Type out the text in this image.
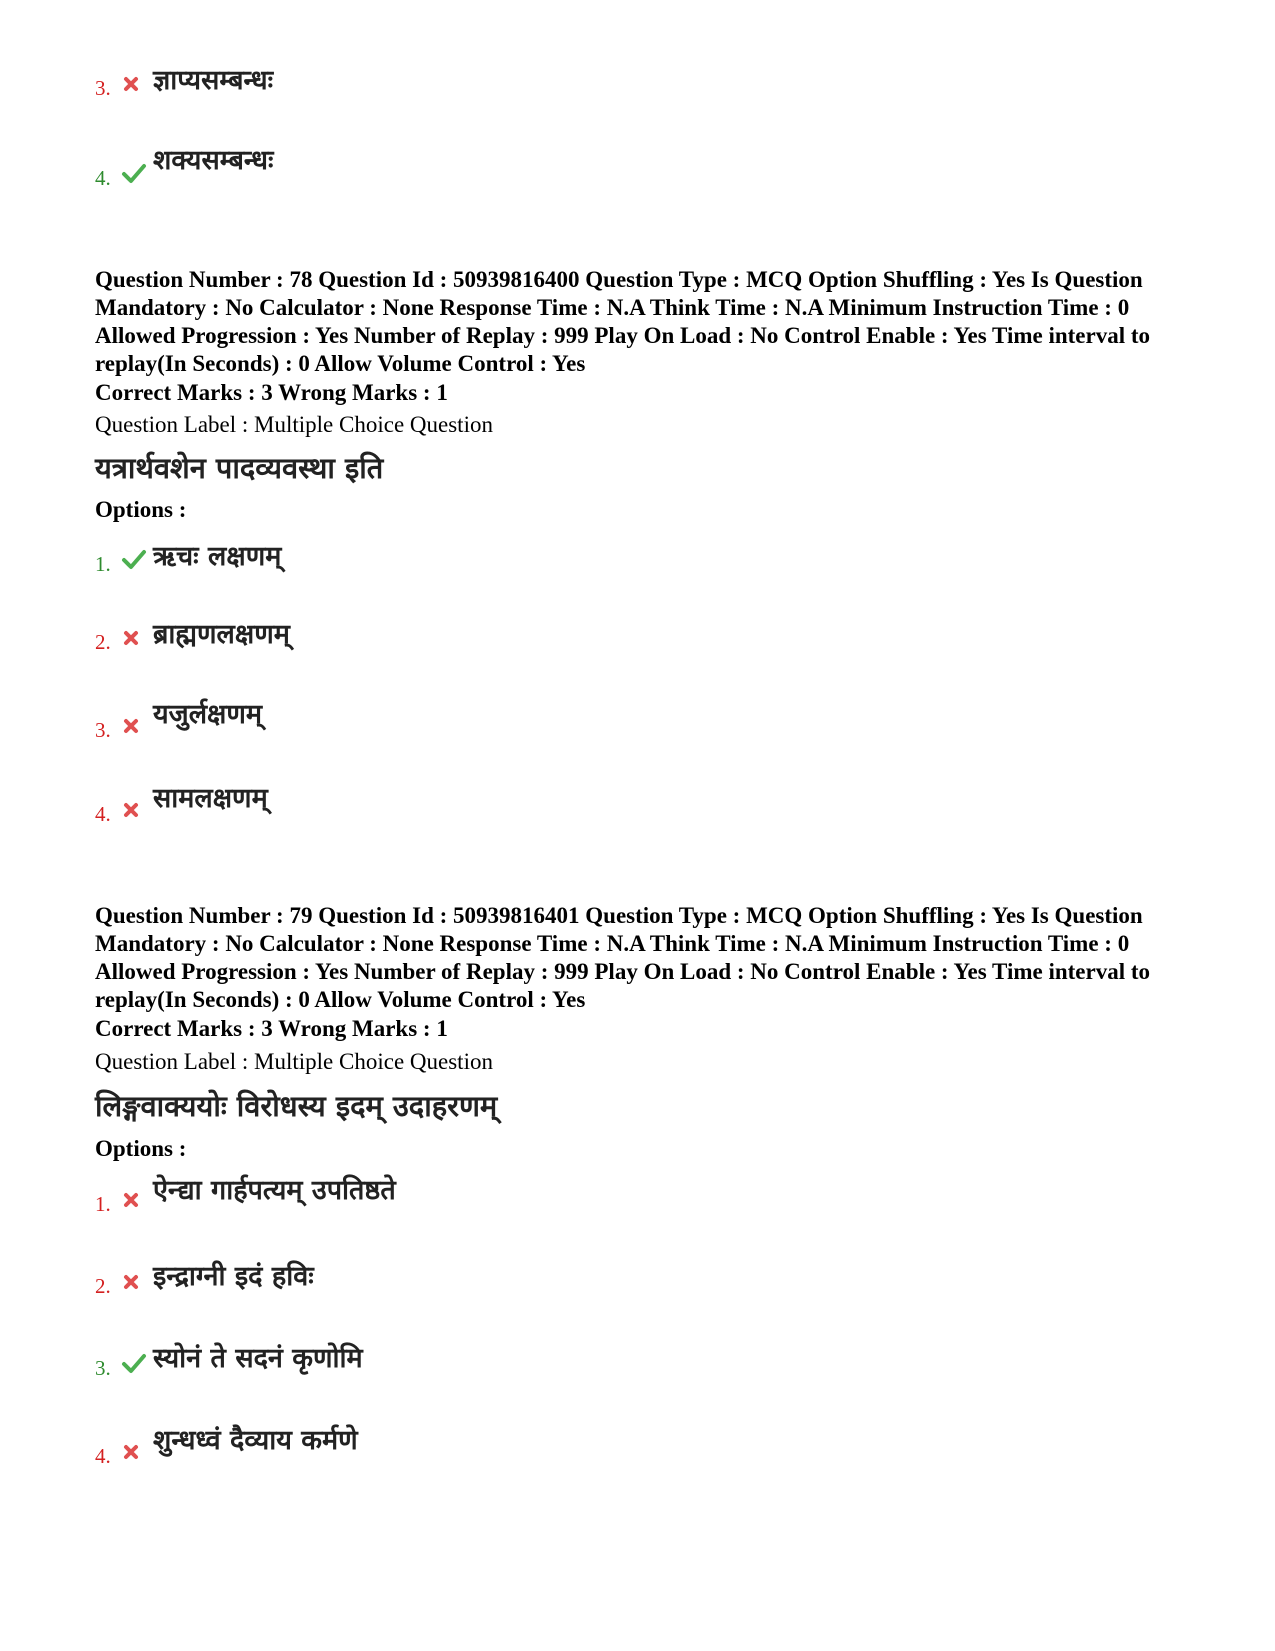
3. ज्ञाप्यसम्बन्धः
4.
शक्यसम्बन्धः
Question Number : 78 Question Id : 50939816400 Question Type : MCQ Option Shuffling : Yes Is Question Mandatory : No Calculator : None Response Time : N.A Think Time : N.A Minimum Instruction Time : 0 Allowed Progression : Yes Number of Replay : 999 Play On Load : No Control Enable : Yes Time interval to replay(In Seconds) : 0 Allow Volume Control : Yes
Correct Marks : 3 Wrong Marks : 1
Question Label : Multiple Choice Question
यत्रार्थवशेन पादव्यवस्था इति
Options :
1. ऋचः लक्षणम्
2. ब्राह्मणलक्षणम्
3. यजुर्लक्षणम्
4. सामलक्षणम्
Question Number : 79 Question Id : 50939816401 Question Type : MCQ Option Shuffling : Yes Is Question Mandatory : No Calculator : None Response Time : N.A Think Time : N.A Minimum Instruction Time : 0 Allowed Progression : Yes Number of Replay : 999 Play On Load : No Control Enable : Yes Time interval to replay(In Seconds) : 0 Allow Volume Control : Yes
Correct Marks : 3 Wrong Marks : 1
Question Label : Multiple Choice Question
लिङ्गवाक्ययोः विरोधस्य इदम् उदाहरणम्
Options :
1. ऐन्द्या गार्हपत्यम् उपतिष्ठते
2. इन्द्राग्नी इदं हविः
3. स्योनं ते सदनं कृणोमि
4. शुन्धध्वं दैव्याय कर्मणे
